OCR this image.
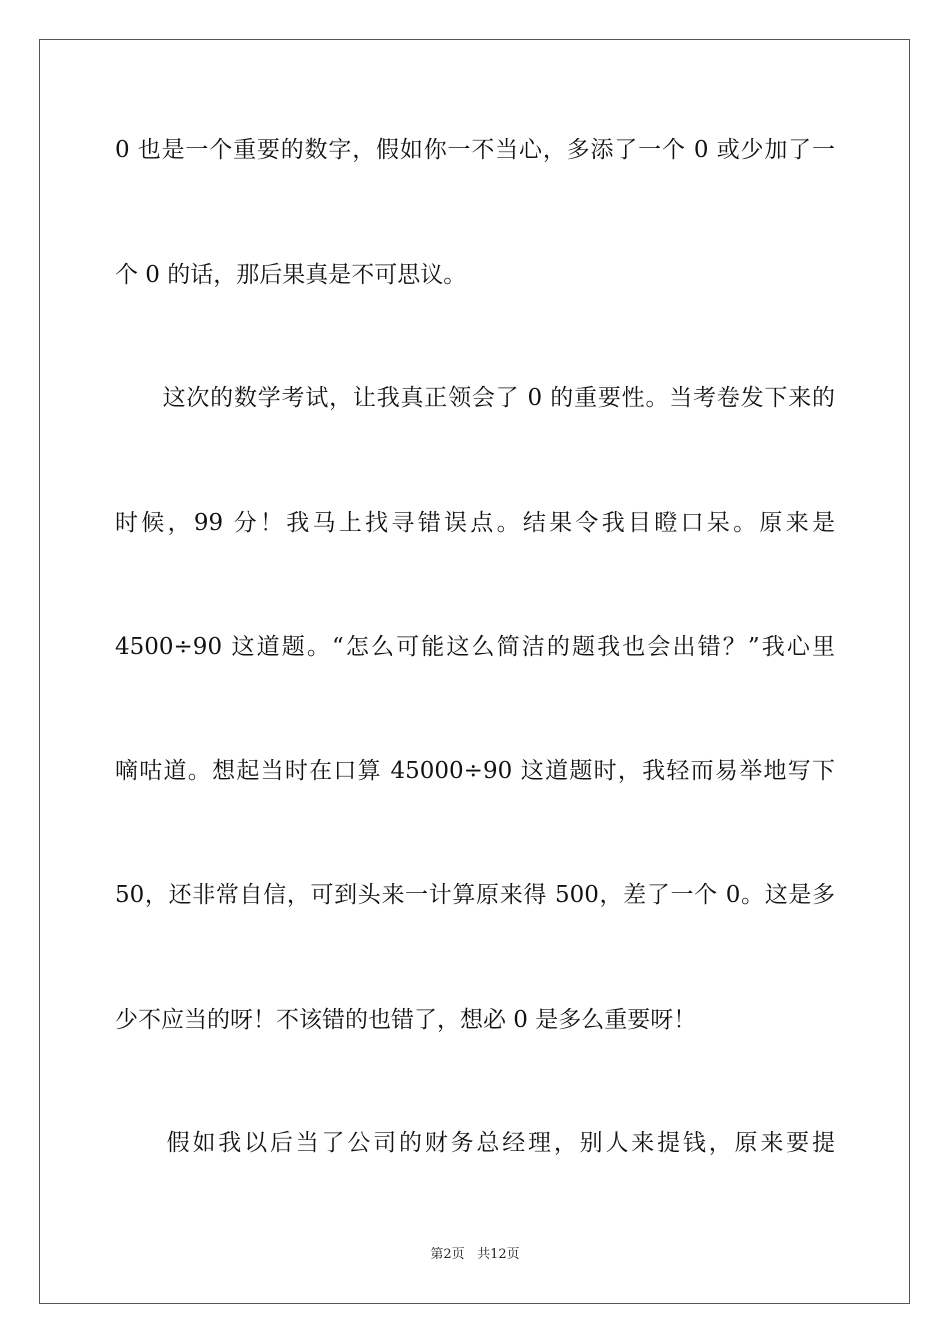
0 也是一个重要的数字，假如你一不当心，多添了一个 0 或少加了一
个 0 的话，那后果真是不可思议。
　　这次的数学考试，让我真正领会了 0 的重要性。当考卷发下来的
时候，99 分！我马上找寻错误点。结果令我目瞪口呆。原来是
4500÷90 这道题。“怎么可能这么简洁的题我也会出错？”我心里
嘀咕道。想起当时在口算 45000÷90 这道题时，我轻而易举地写下
50，还非常自信，可到头来一计算原来得 500，差了一个 0。这是多
少不应当的呀！不该错的也错了，想必 0 是多么重要呀！
　　假如我以后当了公司的财务总经理，别人来提钱，原来要提
第2页 共12页
